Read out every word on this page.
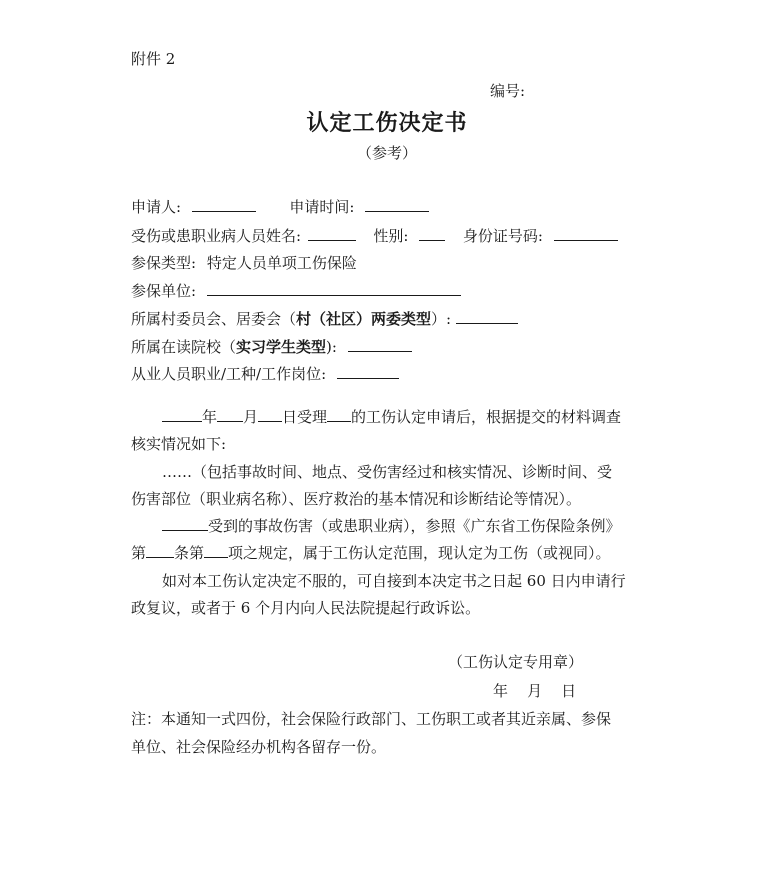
附件 2
编号:
认定工伤决定书
（参考）
申请人:	申请时间:
受伤或患职业病人员姓名:	性别:	身份证号码:
参保类型: 特定人员单项工伤保险
参保单位:
所属村委员会、居委会（村（社区）两委类型）:
所属在读院校（实习学生类型):
从业人员职业/工种/工作岗位:
年 月 日受理 的工伤认定申请后，根据提交的材料调查
核实情况如下:
……（包括事故时间、地点、受伤害经过和核实情况、诊断时间、受
伤害部位（职业病名称）、医疗救治的基本情况和诊断结论等情况）。
受到的事故伤害（或患职业病），参照《广东省工伤保险条例》
第 条第 项之规定，属于工伤认定范围，现认定为工伤（或视同）。
如对本工伤认定决定不服的，可自接到本决定书之日起 60 日内申请行
政复议，或者于 6 个月内向人民法院提起行政诉讼。
（工伤认定专用章）
年    月    日
注：本通知一式四份，社会保险行政部门、工伤职工或者其近亲属、参保
单位、社会保险经办机构各留存一份。
